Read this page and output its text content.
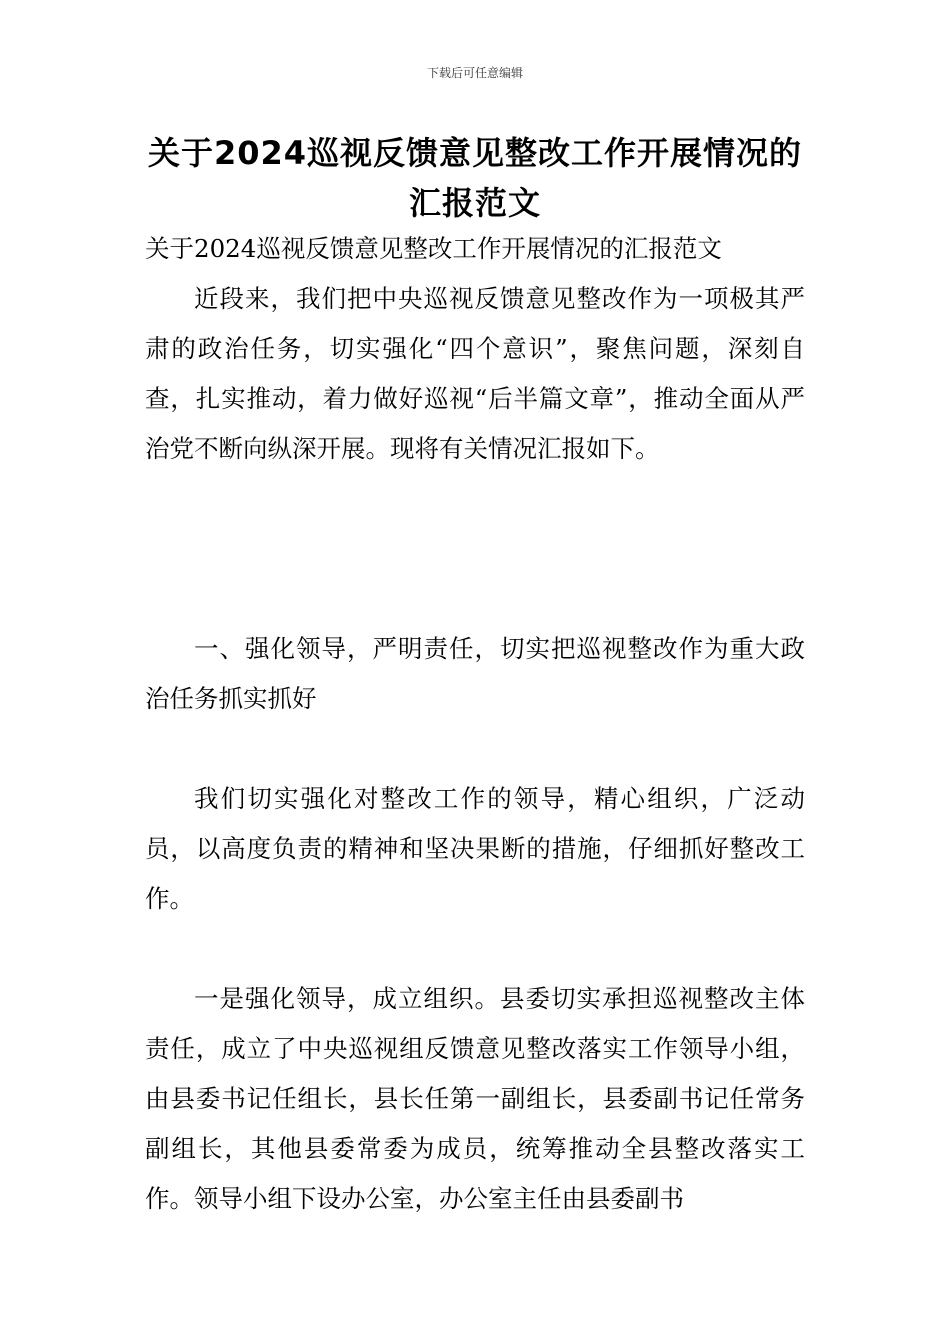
下载后可任意编辑
关于2024巡视反馈意见整改工作开展情况的汇报范文

关于2024巡视反馈意见整改工作开展情况的汇报范文

近段来，我们把中央巡视反馈意见整改作为一项极其严肃的政治任务，切实强化“四个意识”，聚焦问题，深刻自查，扎实推动，着力做好巡视“后半篇文章”，推动全面从严治党不断向纵深开展。现将有关情况汇报如下。

一、强化领导，严明责任，切实把巡视整改作为重大政治任务抓实抓好

我们切实强化对整改工作的领导，精心组织，广泛动员，以高度负责的精神和坚决果断的措施，仔细抓好整改工作。

一是强化领导，成立组织。县委切实承担巡视整改主体责任，成立了中央巡视组反馈意见整改落实工作领导小组，由县委书记任组长，县长任第一副组长，县委副书记任常务副组长，其他县委常委为成员，统筹推动全县整改落实工作。领导小组下设办公室，办公室主任由县委副书
